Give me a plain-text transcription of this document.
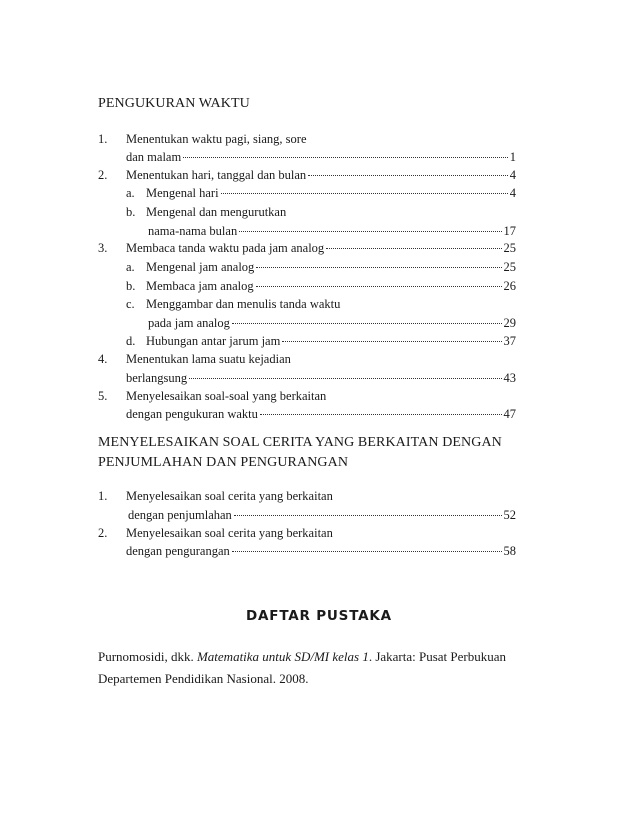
PENGUKURAN WAKTU
1. Menentukan waktu pagi, siang, sore
dan malam	1
2. Menentukan hari, tanggal dan bulan	4
a. Mengenal hari	4
b. Mengenal dan mengurutkan
nama-nama bulan	17
3. Membaca tanda waktu pada jam analog	25
a. Mengenal jam analog	25
b. Membaca jam analog	26
c. Menggambar dan menulis tanda waktu
pada jam analog	29
d. Hubungan antar jarum jam	37
4. Menentukan lama suatu kejadian
berlangsung	43
5. Menyelesaikan soal-soal yang berkaitan
dengan pengukuran waktu	47
MENYELESAIKAN SOAL CERITA YANG BERKAITAN DENGAN
PENJUMLAHAN DAN PENGURANGAN
1. Menyelesaikan soal cerita yang berkaitan
dengan penjumlahan	52
2. Menyelesaikan soal cerita yang berkaitan
dengan pengurangan	58
DAFTAR PUSTAKA
Purnomosidi, dkk. Matematika untuk SD/MI kelas 1. Jakarta: Pusat Perbukuan
Departemen Pendidikan Nasional. 2008.
